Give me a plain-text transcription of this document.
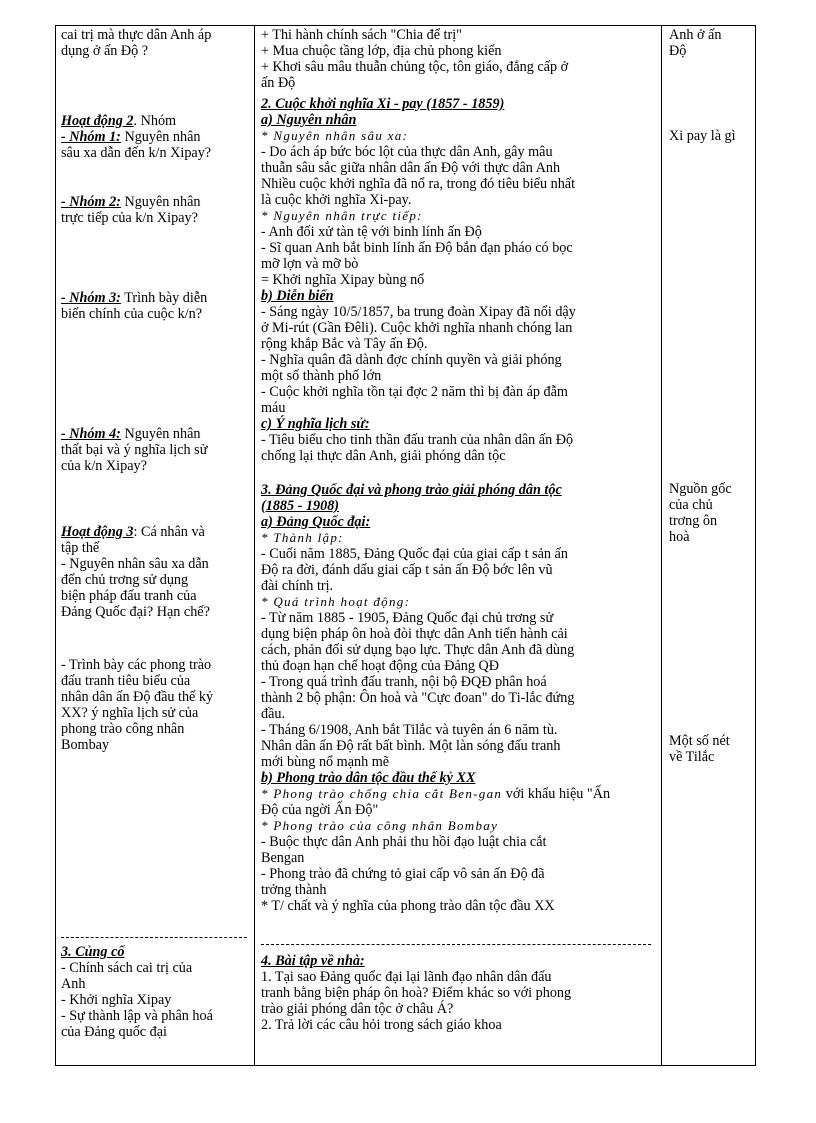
cai trị mà thực dân Anh áp
dụng ở ấn Độ ?
Hoạt động 2. Nhóm
- Nhóm 1: Nguyên nhân
sâu xa dẫn đến k/n Xipay?
- Nhóm 2: Nguyên nhân
trực tiếp của k/n Xipay?
- Nhóm 3: Trình bày diễn
biến chính của cuộc k/n?
- Nhóm 4: Nguyên nhân
thất bại và ý nghĩa lịch sử
của k/n Xipay?
Hoạt động 3: Cá nhân và
tập thể
- Nguyên nhân sâu xa dẫn
đến chủ trơng sử dụng
biện pháp đấu tranh của
Đảng Quốc đại? Hạn chế?
- Trình bày các phong trào
đấu tranh tiêu biểu của
nhân dân ấn Độ đầu thế kỷ
XX? ý nghĩa lịch sử của
phong trào công nhân
Bombay
3. Củng cố
- Chính sách cai trị của
Anh
- Khởi nghĩa Xipay
- Sự thành lập và phân hoá
của Đảng quốc đại
+ Thi hành chính sách "Chia để trị"
+ Mua chuộc tầng lớp, địa chủ phong kiến
+ Khơi sâu mâu thuẫn chủng tộc, tôn giáo, đẳng cấp ở
ấn Độ
2. Cuộc khởi nghĩa Xi - pay (1857 - 1859)
a) Nguyên nhân
* Nguyên nhân sâu xa:
- Do ách áp bức bóc lột của thực dân Anh, gây mâu
thuẫn sâu sắc giữa nhân dân ấn Độ với thực dân Anh
Nhiều cuộc khởi nghĩa đã nổ ra, trong đó tiêu biểu nhất
là cuộc khởi nghĩa Xi-pay.
* Nguyên nhân trực tiếp:
- Anh đối xử tàn tệ với binh lính ấn Độ
- Sĩ quan Anh bắt binh lính ấn Độ bắn đạn pháo có bọc
mỡ lợn và mỡ bò
= Khởi nghĩa Xipay bùng nổ
b) Diễn biến
- Sáng ngày 10/5/1857, ba trung đoàn Xipay đã nổi dậy
ở Mi-rút (Gần Đêli). Cuộc khởi nghĩa nhanh chóng lan
rộng khắp Bắc và Tây ấn Độ.
- Nghĩa quân đã dành đợc chính quyền và giải phóng
một số thành phố lớn
- Cuộc khởi nghĩa tồn tại đợc 2 năm thì bị đàn áp đẫm
máu
c) Ý nghĩa lịch sử:
- Tiêu biểu cho tinh thần đấu tranh của nhân dân ấn Độ
chống lại thực dân Anh, giải phóng dân tộc
3. Đảng Quốc đại và phong trào giải phóng dân tộc
(1885 - 1908)
a) Đảng Quốc đại:
* Thành lập:
- Cuối năm 1885, Đảng Quốc đại của giai cấp t sản ấn
Độ ra đời, đánh dấu giai cấp t sản ấn Độ bớc lên vũ
đài chính trị.
* Quá trình hoạt động:
- Từ năm 1885 - 1905, Đảng Quốc đại chủ trơng sử
dụng biện pháp ôn hoà đòi thực dân Anh tiến hành cải
cách, phản đối sử dụng bạo lực. Thực dân Anh đã dùng
thủ đoạn hạn chế hoạt động của Đảng QĐ
- Trong quá trình đấu tranh, nội bộ ĐQĐ phân hoá
thành 2 bộ phận: Ôn hoà và "Cực đoan" do Ti-lắc đứng
đầu.
- Tháng 6/1908, Anh bắt Tilắc và tuyên án 6 năm tù.
Nhân dân ấn Độ rất bất bình. Một làn sóng đấu tranh
mới bùng nổ mạnh mẽ
b) Phong trào dân tộc đầu thế kỷ XX
* Phong trào chống chia cắt Ben-gan với khẩu hiệu "Ấn
Độ của ngời Ấn Độ"
* Phong trào của công nhân Bombay
- Buộc thực dân Anh phải thu hồi đạo luật chia cắt
Bengan
- Phong trào đã chứng tỏ giai cấp vô sản ấn Độ đã
trởng thành
* T/ chất và ý nghĩa của phong trào dân tộc đầu XX
4. Bài tập về nhà:
1. Tại sao Đảng quốc đại lại lãnh đạo nhân dân đấu
tranh bằng biện pháp ôn hoà? Điểm khác so với phong
trào giải phóng dân tộc ở châu Á?
2. Trả lời các câu hỏi trong sách giáo khoa
Anh ở ấn
Độ
Xi pay là gì
Nguồn gốc
của chủ
trơng ôn
hoà
Một số nét
về Tilắc
